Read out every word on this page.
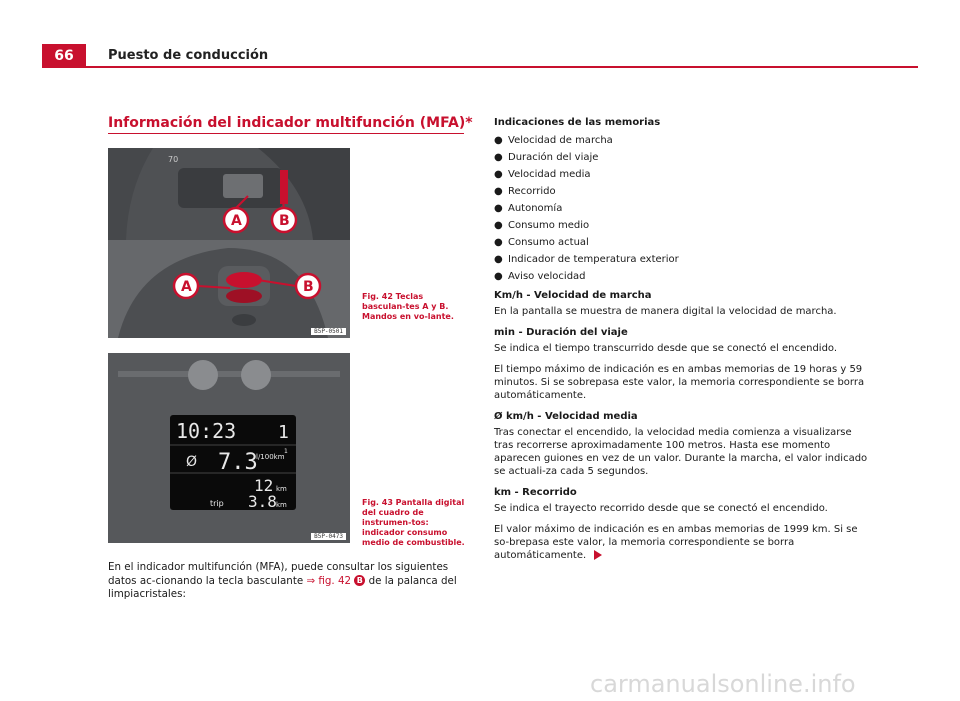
66	Puesto de conducción
Información del indicador multifunción (MFA)*
70
A	B
A	B
B5P-0501
Fig. 42 Teclas basculan-tes A y B. Mandos en vo-lante.
10:23 1
Ø 7.3
l/100km
1
12 km
trip 3.8 km
B5P-0473
Fig. 43 Pantalla digital del cuadro de instrumen-tos: indicador consumo medio de combustible.
En el indicador multifunción (MFA), puede consultar los siguientes datos ac-cionando la tecla basculante ⇒ fig. 42 B de la palanca del limpiacristales:
Indicaciones de las memorias
● Velocidad de marcha
● Duración del viaje
● Velocidad media
● Recorrido
● Autonomía
● Consumo medio
● Consumo actual
● Indicador de temperatura exterior
● Aviso velocidad

Km/h - Velocidad de marcha

En la pantalla se muestra de manera digital la velocidad de marcha.

min - Duración del viaje

Se indica el tiempo transcurrido desde que se conectó el encendido.

El tiempo máximo de indicación es en ambas memorias de 19 horas y 59 minutos. Si se sobrepasa este valor, la memoria correspondiente se borra automáticamente.

Ø km/h - Velocidad media

Tras conectar el encendido, la velocidad media comienza a visualizarse tras recorrerse aproximadamente 100 metros. Hasta ese momento aparecen guiones en vez de un valor. Durante la marcha, el valor indicado se actuali-za cada 5 segundos.

km - Recorrido

Se indica el trayecto recorrido desde que se conectó el encendido.

El valor máximo de indicación es en ambas memorias de 1999 km. Si se so-brepasa este valor, la memoria correspondiente se borra automáticamente.

carmanualsonline.info
